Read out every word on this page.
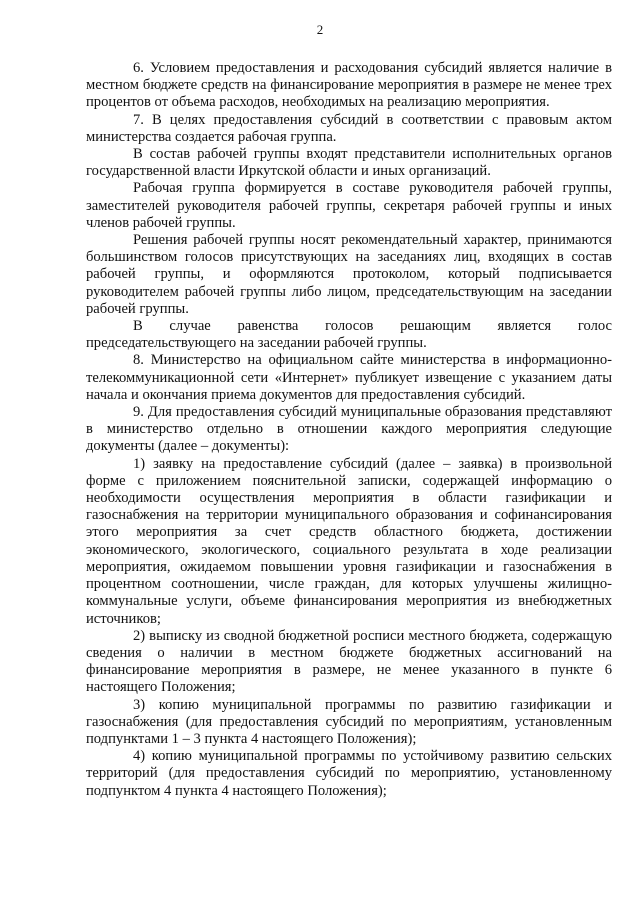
2

6. Условием предоставления и расходования субсидий является наличие в местном бюджете средств на финансирование мероприятия в размере не менее трех процентов от объема расходов, необходимых на реализацию мероприятия.

7. В целях предоставления субсидий в соответствии с правовым актом министерства создается рабочая группа.

В состав рабочей группы входят представители исполнительных органов государственной власти Иркутской области и иных организаций.

Рабочая группа формируется в составе руководителя рабочей группы, заместителей руководителя рабочей группы, секретаря рабочей группы и иных членов рабочей группы.

Решения рабочей группы носят рекомендательный характер, принимаются большинством голосов присутствующих на заседаниях лиц, входящих в состав рабочей группы, и оформляются протоколом, который подписывается руководителем рабочей группы либо лицом, председательствующим на заседании рабочей группы.

В случае равенства голосов решающим является голос председательствующего на заседании рабочей группы.

8. Министерство на официальном сайте министерства в информационно-телекоммуникационной сети «Интернет» публикует извещение с указанием даты начала и окончания приема документов для предоставления субсидий.

9. Для предоставления субсидий муниципальные образования представляют в министерство отдельно в отношении каждого мероприятия следующие документы (далее – документы):

1) заявку на предоставление субсидий (далее – заявка) в произвольной форме с приложением пояснительной записки, содержащей информацию о необходимости осуществления мероприятия в области газификации и газоснабжения на территории муниципального образования и софинансирования этого мероприятия за счет средств областного бюджета, достижении экономического, экологического, социального результата в ходе реализации мероприятия, ожидаемом повышении уровня газификации и газоснабжения в процентном соотношении, числе граждан, для которых улучшены жилищно-коммунальные услуги, объеме финансирования мероприятия из внебюджетных источников;

2) выписку из сводной бюджетной росписи местного бюджета, содержащую сведения о наличии в местном бюджете бюджетных ассигнований на финансирование мероприятия в размере, не менее указанного в пункте 6 настоящего Положения;

3) копию муниципальной программы по развитию газификации и газоснабжения (для предоставления субсидий по мероприятиям, установленным подпунктами 1 – 3 пункта 4 настоящего Положения);

4) копию муниципальной программы по устойчивому развитию сельских территорий (для предоставления субсидий по мероприятию, установленному подпунктом 4 пункта 4 настоящего Положения);
